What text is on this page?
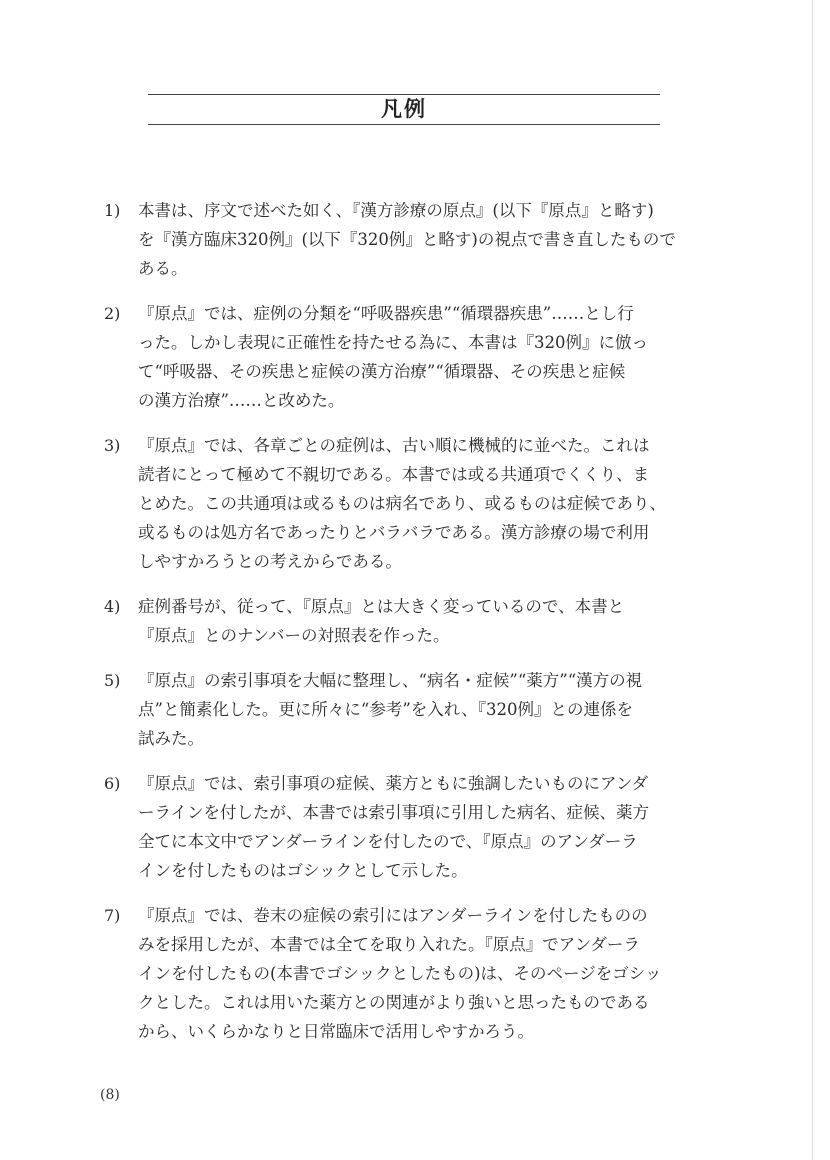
凡例
1)	本書は、序文で述べた如く、『漢方診療の原点』(以下『原点』と略す)
を『漢方臨床320例』(以下『320例』と略す)の視点で書き直したもので
ある。
2)	『原点』では、症例の分類を“呼吸器疾患”“循環器疾患”……とし行
った。しかし表現に正確性を持たせる為に、本書は『320例』に倣っ
て“呼吸器、その疾患と症候の漢方治療”“循環器、その疾患と症候
の漢方治療”……と改めた。
3)	『原点』では、各章ごとの症例は、古い順に機械的に並べた。これは
読者にとって極めて不親切である。本書では或る共通項でくくり、ま
とめた。この共通項は或るものは病名であり、或るものは症候であり、
或るものは処方名であったりとバラバラである。漢方診療の場で利用
しやすかろうとの考えからである。
4)	症例番号が、従って、『原点』とは大きく変っているので、本書と
『原点』とのナンバーの対照表を作った。
5)	『原点』の索引事項を大幅に整理し、“病名・症候”“薬方”“漢方の視
点”と簡素化した。更に所々に“参考”を入れ、『320例』との連係を
試みた。
6)	『原点』では、索引事項の症候、薬方ともに強調したいものにアンダ
ーラインを付したが、本書では索引事項に引用した病名、症候、薬方
全てに本文中でアンダーラインを付したので、『原点』のアンダーラ
インを付したものはゴシックとして示した。
7)	『原点』では、巻末の症候の索引にはアンダーラインを付したものの
みを採用したが、本書では全てを取り入れた。『原点』でアンダーラ
インを付したもの(本書でゴシックとしたもの)は、そのページをゴシッ
クとした。これは用いた薬方との関連がより強いと思ったものである
から、いくらかなりと日常臨床で活用しやすかろう。
(8)
